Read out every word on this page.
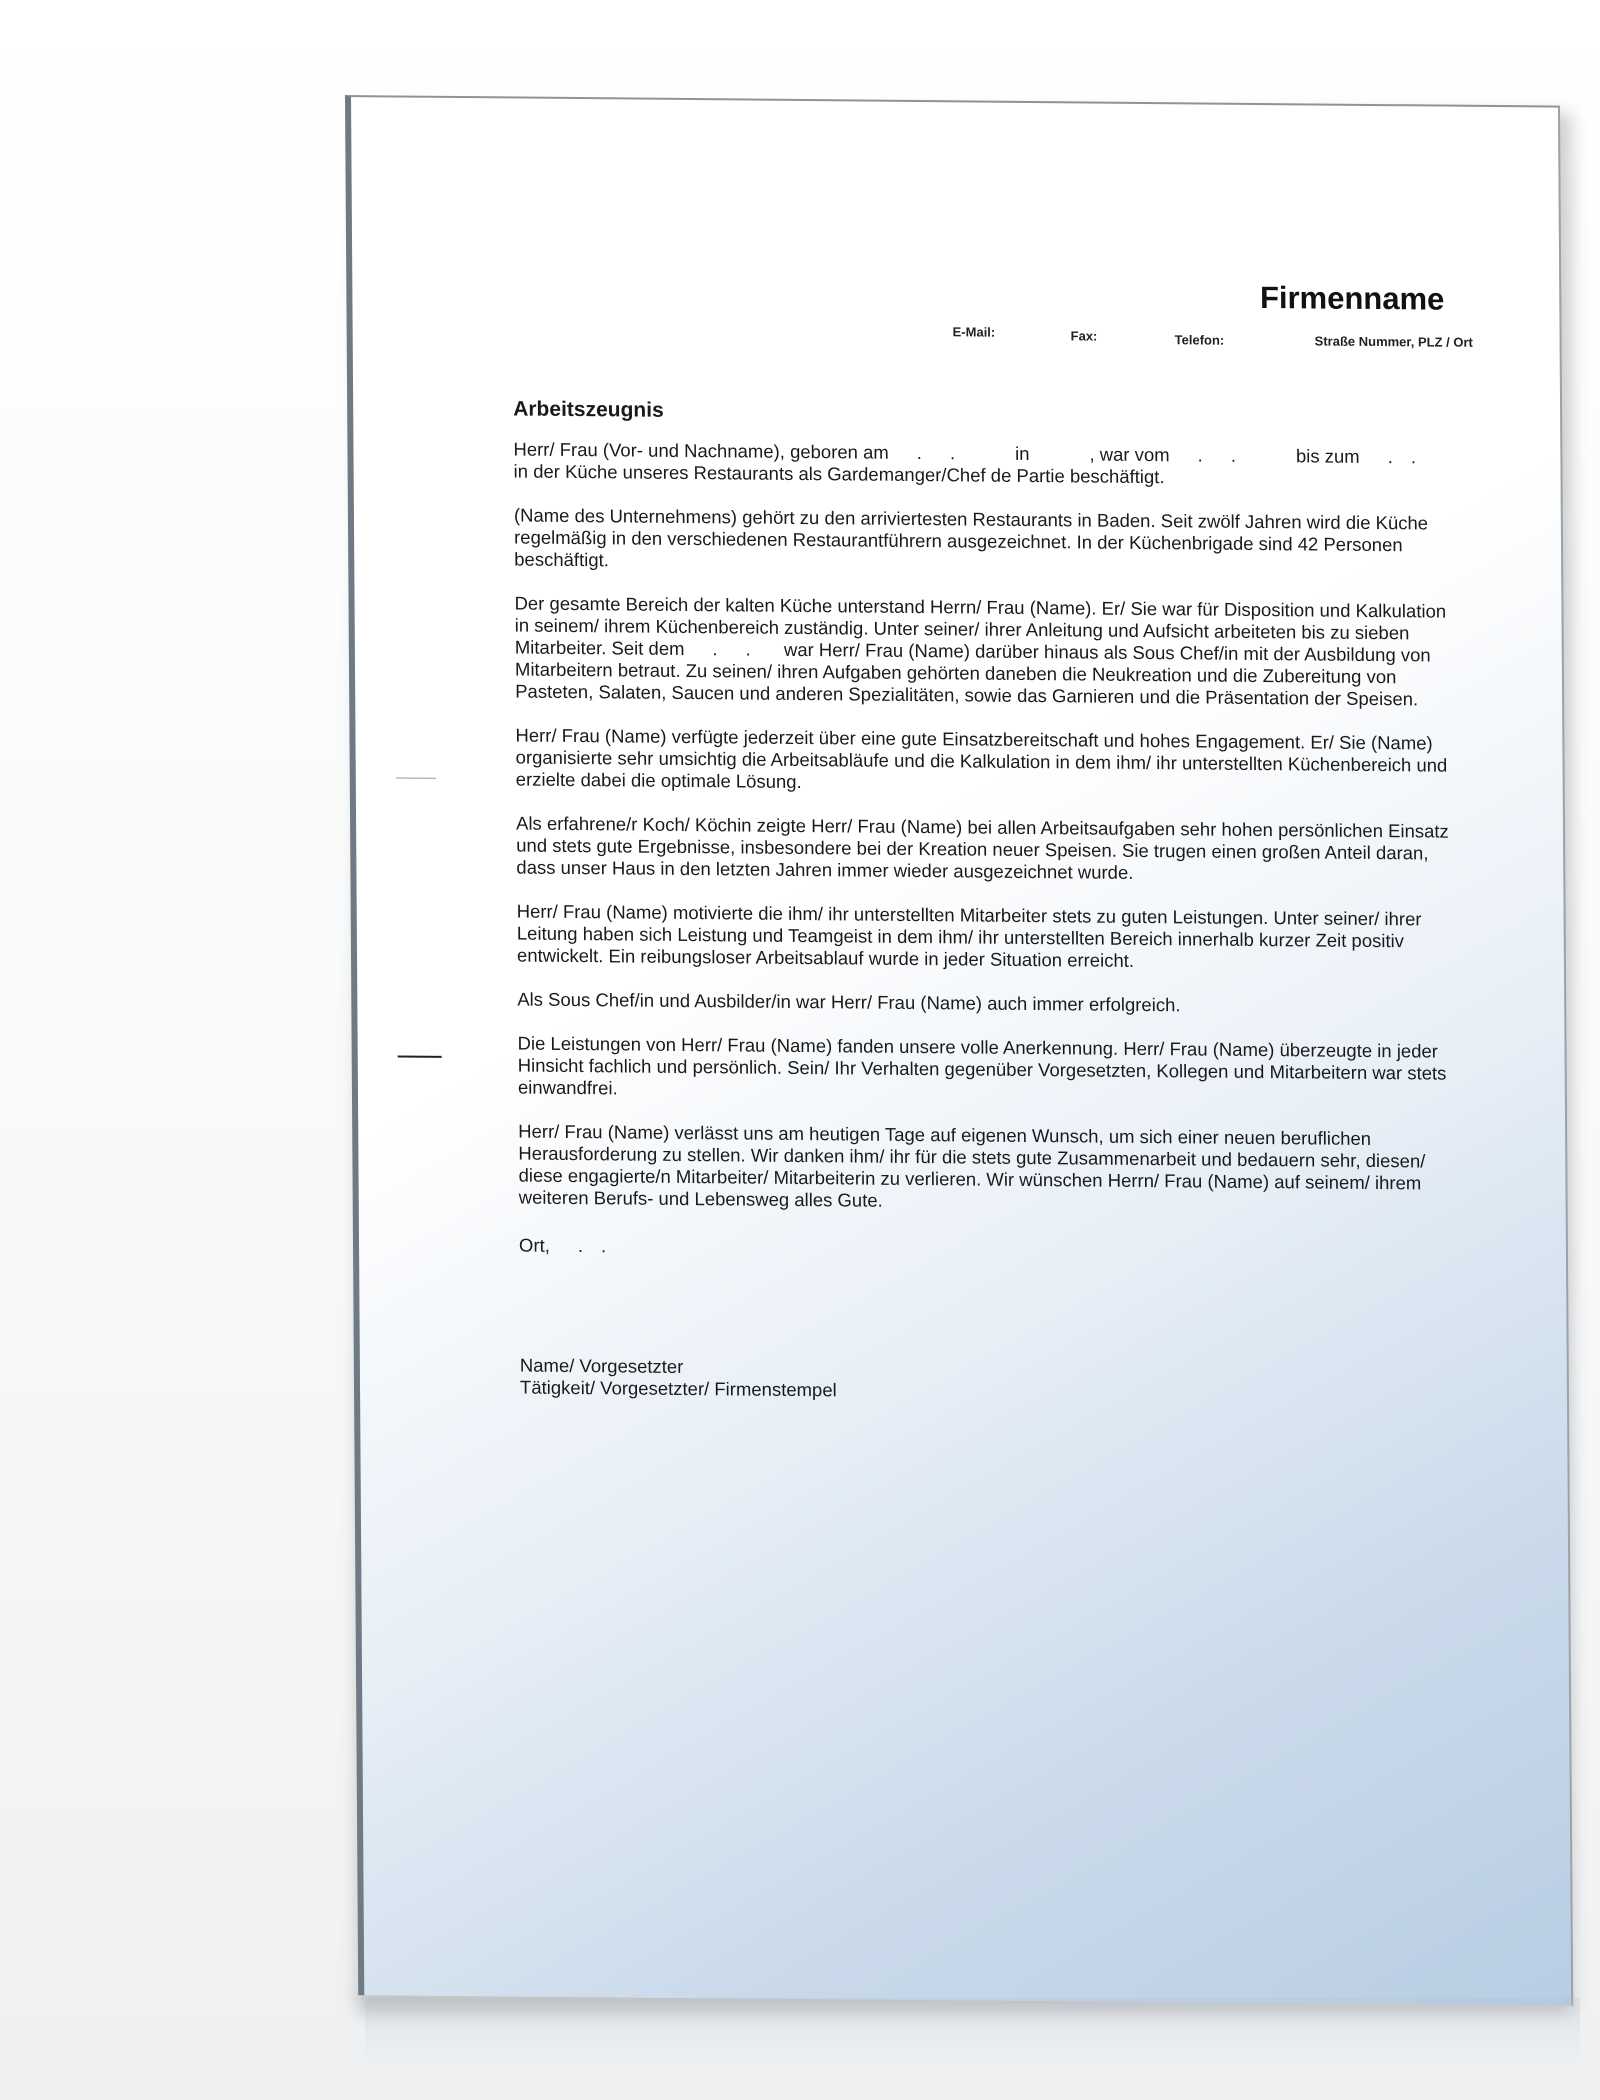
Firmenname
E-Mail:	Fax:	Telefon:	Straße Nummer, PLZ / Ort
Arbeitszeugnis

Herr/ Frau (Vor- und Nachname), geboren am . .	in	, war vom . .	bis zum . .
in der Küche unseres Restaurants als Gardemanger/Chef de Partie beschäftigt.

(Name des Unternehmens) gehört zu den arriviertesten Restaurants in Baden. Seit zwölf Jahren wird die Küche regelmäßig in den verschiedenen Restaurantführern ausgezeichnet. In der Küchenbrigade sind 42 Personen beschäftigt.

Der gesamte Bereich der kalten Küche unterstand Herrn/ Frau (Name). Er/ Sie war für Disposition und Kalkulation in seinem/ ihrem Küchenbereich zuständig. Unter seiner/ ihrer Anleitung und Aufsicht arbeiteten bis zu sieben Mitarbeiter. Seit dem . . war Herr/ Frau (Name) darüber hinaus als Sous Chef/in mit der Ausbildung von Mitarbeitern betraut. Zu seinen/ ihren Aufgaben gehörten daneben die Neukreation und die Zubereitung von Pasteten, Salaten, Saucen und anderen Spezialitäten, sowie das Garnieren und die Präsentation der Speisen.

Herr/ Frau (Name) verfügte jederzeit über eine gute Einsatzbereitschaft und hohes Engagement. Er/ Sie (Name) organisierte sehr umsichtig die Arbeitsabläufe und die Kalkulation in dem ihm/ ihr unterstellten Küchenbereich und erzielte dabei die optimale Lösung.

Als erfahrene/r Koch/ Köchin zeigte Herr/ Frau (Name) bei allen Arbeitsaufgaben sehr hohen persönlichen Einsatz und stets gute Ergebnisse, insbesondere bei der Kreation neuer Speisen. Sie trugen einen großen Anteil daran, dass unser Haus in den letzten Jahren immer wieder ausgezeichnet wurde.

Herr/ Frau (Name) motivierte die ihm/ ihr unterstellten Mitarbeiter stets zu guten Leistungen. Unter seiner/ ihrer Leitung haben sich Leistung und Teamgeist in dem ihm/ ihr unterstellten Bereich innerhalb kurzer Zeit positiv entwickelt. Ein reibungsloser Arbeitsablauf wurde in jeder Situation erreicht.

Als Sous Chef/in und Ausbilder/in war Herr/ Frau (Name) auch immer erfolgreich.

Die Leistungen von Herr/ Frau (Name) fanden unsere volle Anerkennung. Herr/ Frau (Name) überzeugte in jeder Hinsicht fachlich und persönlich. Sein/ Ihr Verhalten gegenüber Vorgesetzten, Kollegen und Mitarbeitern war stets einwandfrei.

Herr/ Frau (Name) verlässt uns am heutigen Tage auf eigenen Wunsch, um sich einer neuen beruflichen Herausforderung zu stellen. Wir danken ihm/ ihr für die stets gute Zusammenarbeit und bedauern sehr, diesen/ diese engagierte/n Mitarbeiter/ Mitarbeiterin zu verlieren. Wir wünschen Herrn/ Frau (Name) auf seinem/ ihrem weiteren Berufs- und Lebensweg alles Gute.

Ort, . .

Name/ Vorgesetzter
Tätigkeit/ Vorgesetzter/ Firmenstempel
